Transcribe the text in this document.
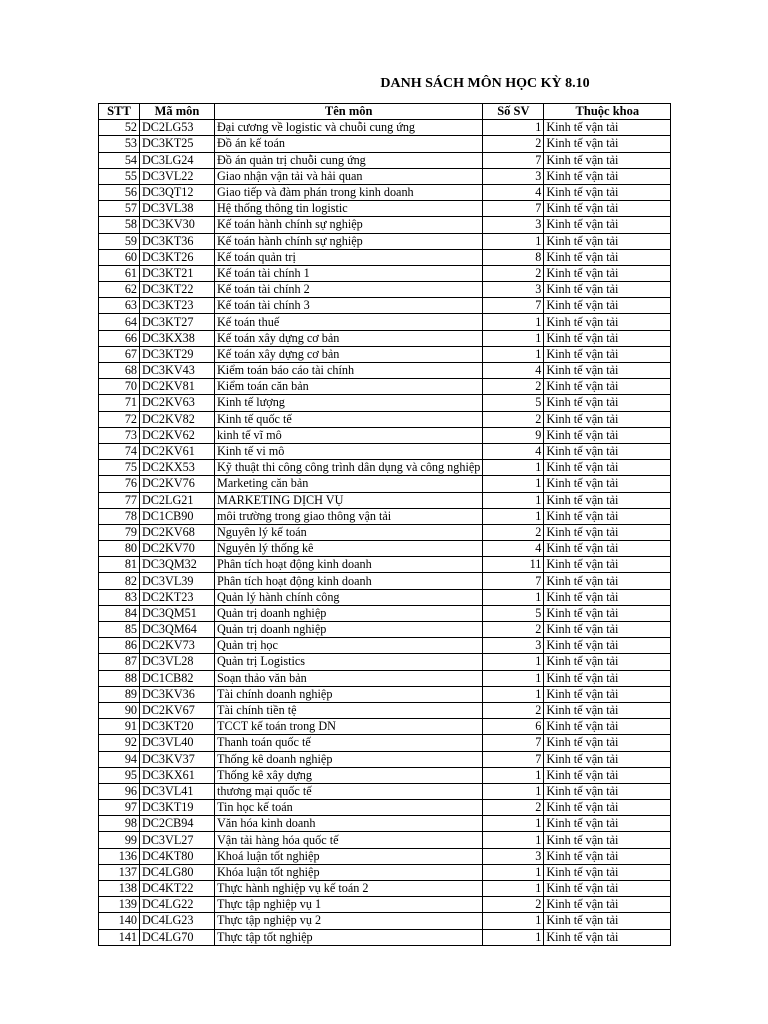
DANH SÁCH MÔN HỌC KỲ 8.10
STT	Mã môn	Tên môn	Số SV	Thuộc khoa
52	DC2LG53	Đại cương về logistic và chuỗi cung ứng	1	Kinh tế vận tải
53	DC3KT25	Đồ án kế toán	2	Kinh tế vận tải
54	DC3LG24	Đồ án quản trị chuỗi cung ứng	7	Kinh tế vận tải
55	DC3VL22	Giao nhận vận tải và hải quan	3	Kinh tế vận tải
56	DC3QT12	Giao tiếp và đàm phán trong kinh doanh	4	Kinh tế vận tải
57	DC3VL38	Hệ thống thông tin logistic	7	Kinh tế vận tải
58	DC3KV30	Kế toán hành chính sự nghiệp	3	Kinh tế vận tải
59	DC3KT36	Kế toán hành chính sự nghiệp	1	Kinh tế vận tải
60	DC3KT26	Kế toán quản trị	8	Kinh tế vận tải
61	DC3KT21	Kế toán tài chính 1	2	Kinh tế vận tải
62	DC3KT22	Kế toán tài chính 2	3	Kinh tế vận tải
63	DC3KT23	Kế toán tài chính 3	7	Kinh tế vận tải
64	DC3KT27	Kế toán thuế	1	Kinh tế vận tải
66	DC3KX38	Kế toán xây dựng cơ bản	1	Kinh tế vận tải
67	DC3KT29	Kế toán xây dựng cơ bản	1	Kinh tế vận tải
68	DC3KV43	Kiểm toán báo cáo tài chính	4	Kinh tế vận tải
70	DC2KV81	Kiểm toán căn bản	2	Kinh tế vận tải
71	DC2KV63	Kinh tế lượng	5	Kinh tế vận tải
72	DC2KV82	Kinh tế quốc tế	2	Kinh tế vận tải
73	DC2KV62	kinh tế vĩ mô	9	Kinh tế vận tải
74	DC2KV61	Kinh tế vi mô	4	Kinh tế vận tải
75	DC2KX53	Kỹ thuật thi công công trình dân dụng và công nghiệp	1	Kinh tế vận tải
76	DC2KV76	Marketing căn bản	1	Kinh tế vận tải
77	DC2LG21	MARKETING DỊCH VỤ	1	Kinh tế vận tải
78	DC1CB90	môi trường trong giao thông vận tải	1	Kinh tế vận tải
79	DC2KV68	Nguyên lý kế toán	2	Kinh tế vận tải
80	DC2KV70	Nguyên lý thống kê	4	Kinh tế vận tải
81	DC3QM32	Phân tích hoạt động kinh doanh	11	Kinh tế vận tải
82	DC3VL39	Phân tích hoạt động kinh doanh	7	Kinh tế vận tải
83	DC2KT23	Quản lý hành chính công	1	Kinh tế vận tải
84	DC3QM51	Quản trị doanh nghiệp	5	Kinh tế vận tải
85	DC3QM64	Quản trị doanh nghiệp	2	Kinh tế vận tải
86	DC2KV73	Quản trị học	3	Kinh tế vận tải
87	DC3VL28	Quản trị Logistics	1	Kinh tế vận tải
88	DC1CB82	Soạn thảo văn bản	1	Kinh tế vận tải
89	DC3KV36	Tài chính doanh nghiệp	1	Kinh tế vận tải
90	DC2KV67	Tài chính tiền tệ	2	Kinh tế vận tải
91	DC3KT20	TCCT kế toán trong DN	6	Kinh tế vận tải
92	DC3VL40	Thanh toán quốc tế	7	Kinh tế vận tải
94	DC3KV37	Thống kê doanh nghiệp	7	Kinh tế vận tải
95	DC3KX61	Thống kê xây dựng	1	Kinh tế vận tải
96	DC3VL41	thương mại quốc tế	1	Kinh tế vận tải
97	DC3KT19	Tin học kế toán	2	Kinh tế vận tải
98	DC2CB94	Văn hóa kinh doanh	1	Kinh tế vận tải
99	DC3VL27	Vận tải hàng hóa quốc tế	1	Kinh tế vận tải
136	DC4KT80	Khoá luận tốt nghiệp	3	Kinh tế vận tải
137	DC4LG80	Khóa luận tốt nghiệp	1	Kinh tế vận tải
138	DC4KT22	Thực hành nghiệp vụ kế toán 2	1	Kinh tế vận tải
139	DC4LG22	Thực tập nghiệp vụ 1	2	Kinh tế vận tải
140	DC4LG23	Thực tập nghiệp vụ 2	1	Kinh tế vận tải
141	DC4LG70	Thực tập tốt nghiệp	1	Kinh tế vận tải
